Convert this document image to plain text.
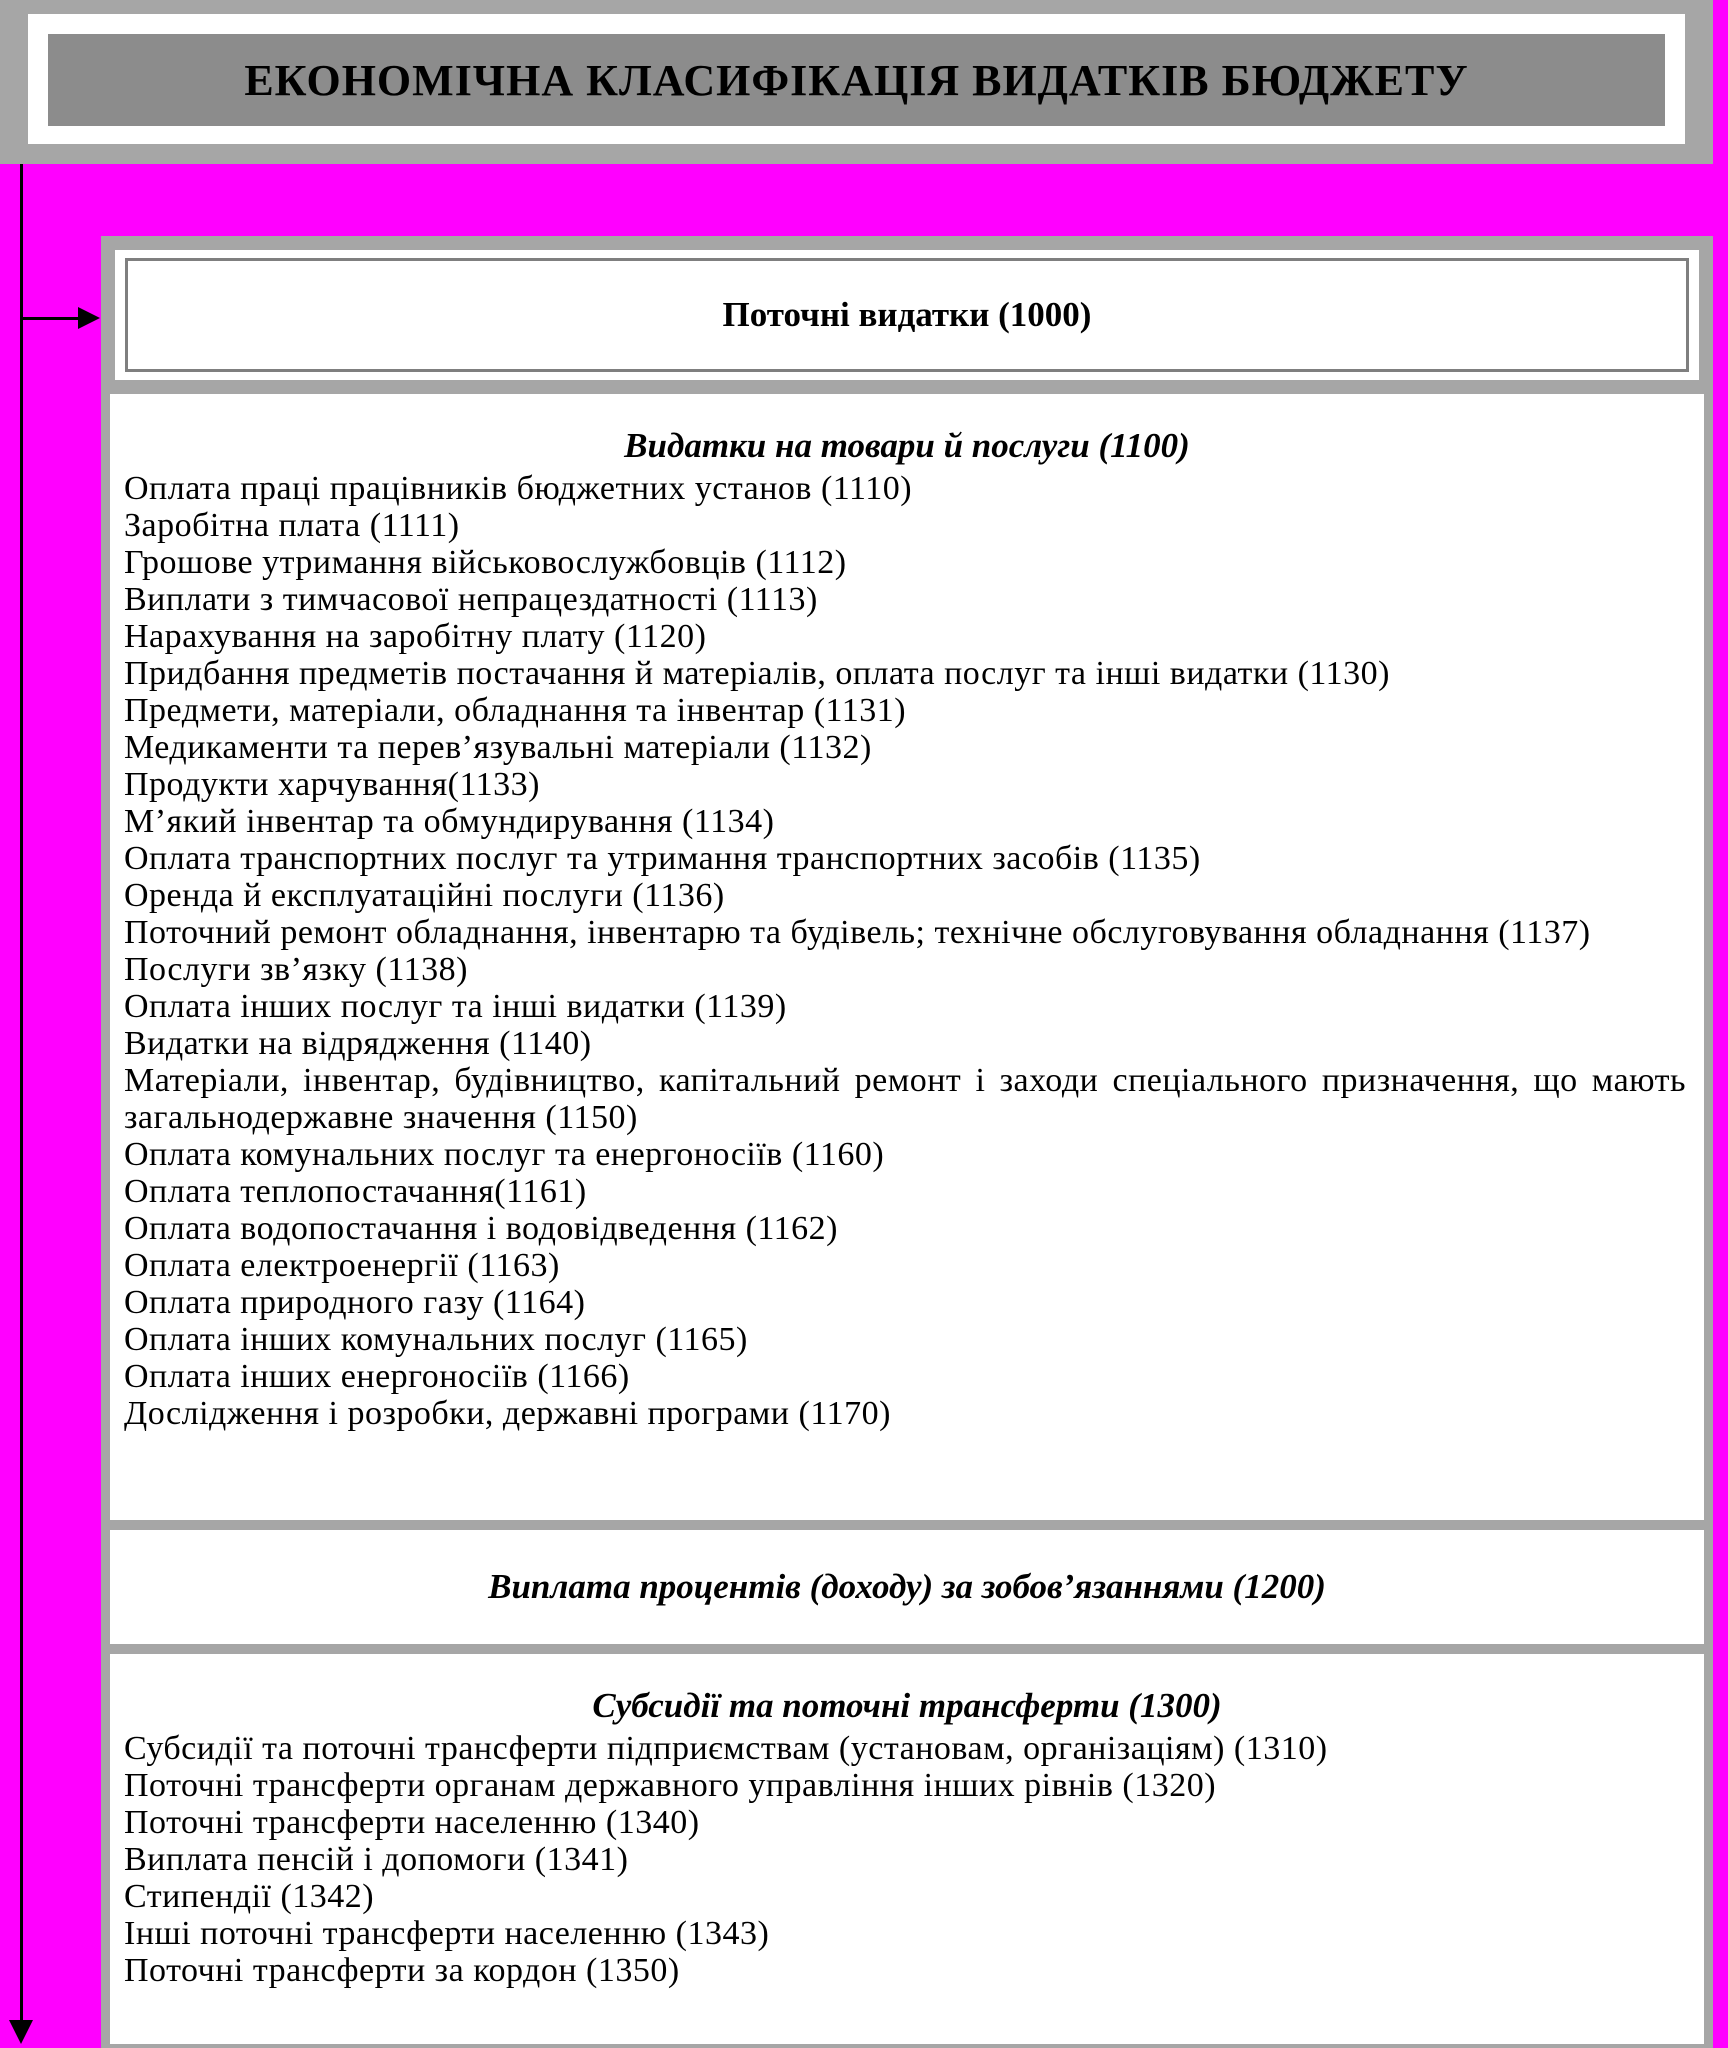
ЕКОНОМІЧНА КЛАСИФІКАЦІЯ ВИДАТКІВ БЮДЖЕТУ
Поточні видатки (1000)
Видатки на товари й послуги (1100)
Оплата праці працівників бюджетних установ (1110)
Заробітна плата (1111)
Грошове утримання військовослужбовців (1112)
Виплати з тимчасової непрацездатності (1113)
Нарахування на заробітну плату (1120)
Придбання предметів постачання й матеріалів, оплата послуг та інші видатки (1130)
Предмети, матеріали, обладнання та інвентар (1131)
Медикаменти та перев’язувальні матеріали (1132)
Продукти харчування(1133)
М’який інвентар та обмундирування (1134)
Оплата транспортних послуг та утримання транспортних засобів (1135)
Оренда й експлуатаційні послуги (1136)
Поточний ремонт обладнання, інвентарю та будівель; технічне обслуговування обладнання (1137)
Послуги зв’язку (1138)
Оплата інших послуг та інші видатки (1139)
Видатки на відрядження (1140)
Матеріали, інвентар, будівництво, капітальний ремонт і заходи спеціального призначення, що мають загальнодержавне значення (1150)
Оплата комунальних послуг та енергоносіїв (1160)
Оплата теплопостачання(1161)
Оплата водопостачання і водовідведення (1162)
Оплата електроенергії (1163)
Оплата природного газу (1164)
Оплата інших комунальних послуг (1165)
Оплата інших енергоносіїв (1166)
Дослідження і розробки, державні програми (1170)
Виплата процентів (доходу) за зобов’язаннями (1200)
Субсидії та поточні трансферти (1300)
Субсидії та поточні трансферти підприємствам (установам, організаціям) (1310)
Поточні трансферти органам державного управління інших рівнів (1320)
Поточні трансферти населенню (1340)
Виплата пенсій і допомоги (1341)
Стипендії (1342)
Інші поточні трансферти населенню (1343)
Поточні трансферти за кордон (1350)
